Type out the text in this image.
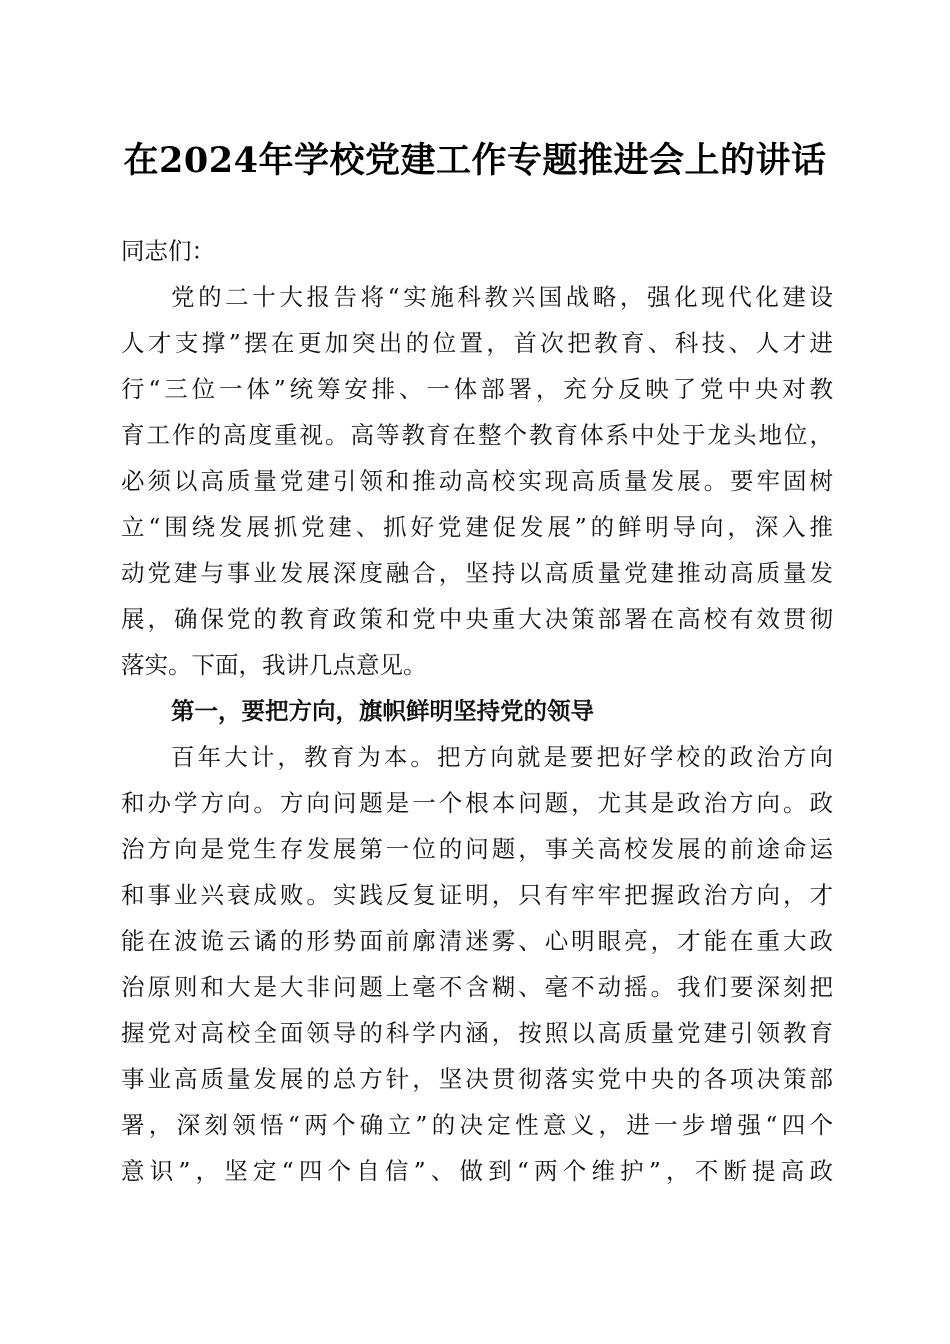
在2024年学校党建工作专题推进会上的讲话
同志们：
党的二十大报告将“实施科教兴国战略，强化现代化建设
人才支撑”摆在更加突出的位置，首次把教育、科技、人才进
行“三位一体”统筹安排、一体部署，充分反映了党中央对教
育工作的高度重视。高等教育在整个教育体系中处于龙头地位，
必须以高质量党建引领和推动高校实现高质量发展。要牢固树
立“围绕发展抓党建、抓好党建促发展”的鲜明导向，深入推
动党建与事业发展深度融合，坚持以高质量党建推动高质量发
展，确保党的教育政策和党中央重大决策部署在高校有效贯彻
落实。下面，我讲几点意见。
第一，要把方向，旗帜鲜明坚持党的领导
百年大计，教育为本。把方向就是要把好学校的政治方向
和办学方向。方向问题是一个根本问题，尤其是政治方向。政
治方向是党生存发展第一位的问题，事关高校发展的前途命运
和事业兴衰成败。实践反复证明，只有牢牢把握政治方向，才
能在波诡云谲的形势面前廓清迷雾、心明眼亮，才能在重大政
治原则和大是大非问题上毫不含糊、毫不动摇。我们要深刻把
握党对高校全面领导的科学内涵，按照以高质量党建引领教育
事业高质量发展的总方针，坚决贯彻落实党中央的各项决策部
署，深刻领悟“两个确立”的决定性意义，进一步增强“四个
意识”，坚定“四个自信”、做到“两个维护”，不断提高政
